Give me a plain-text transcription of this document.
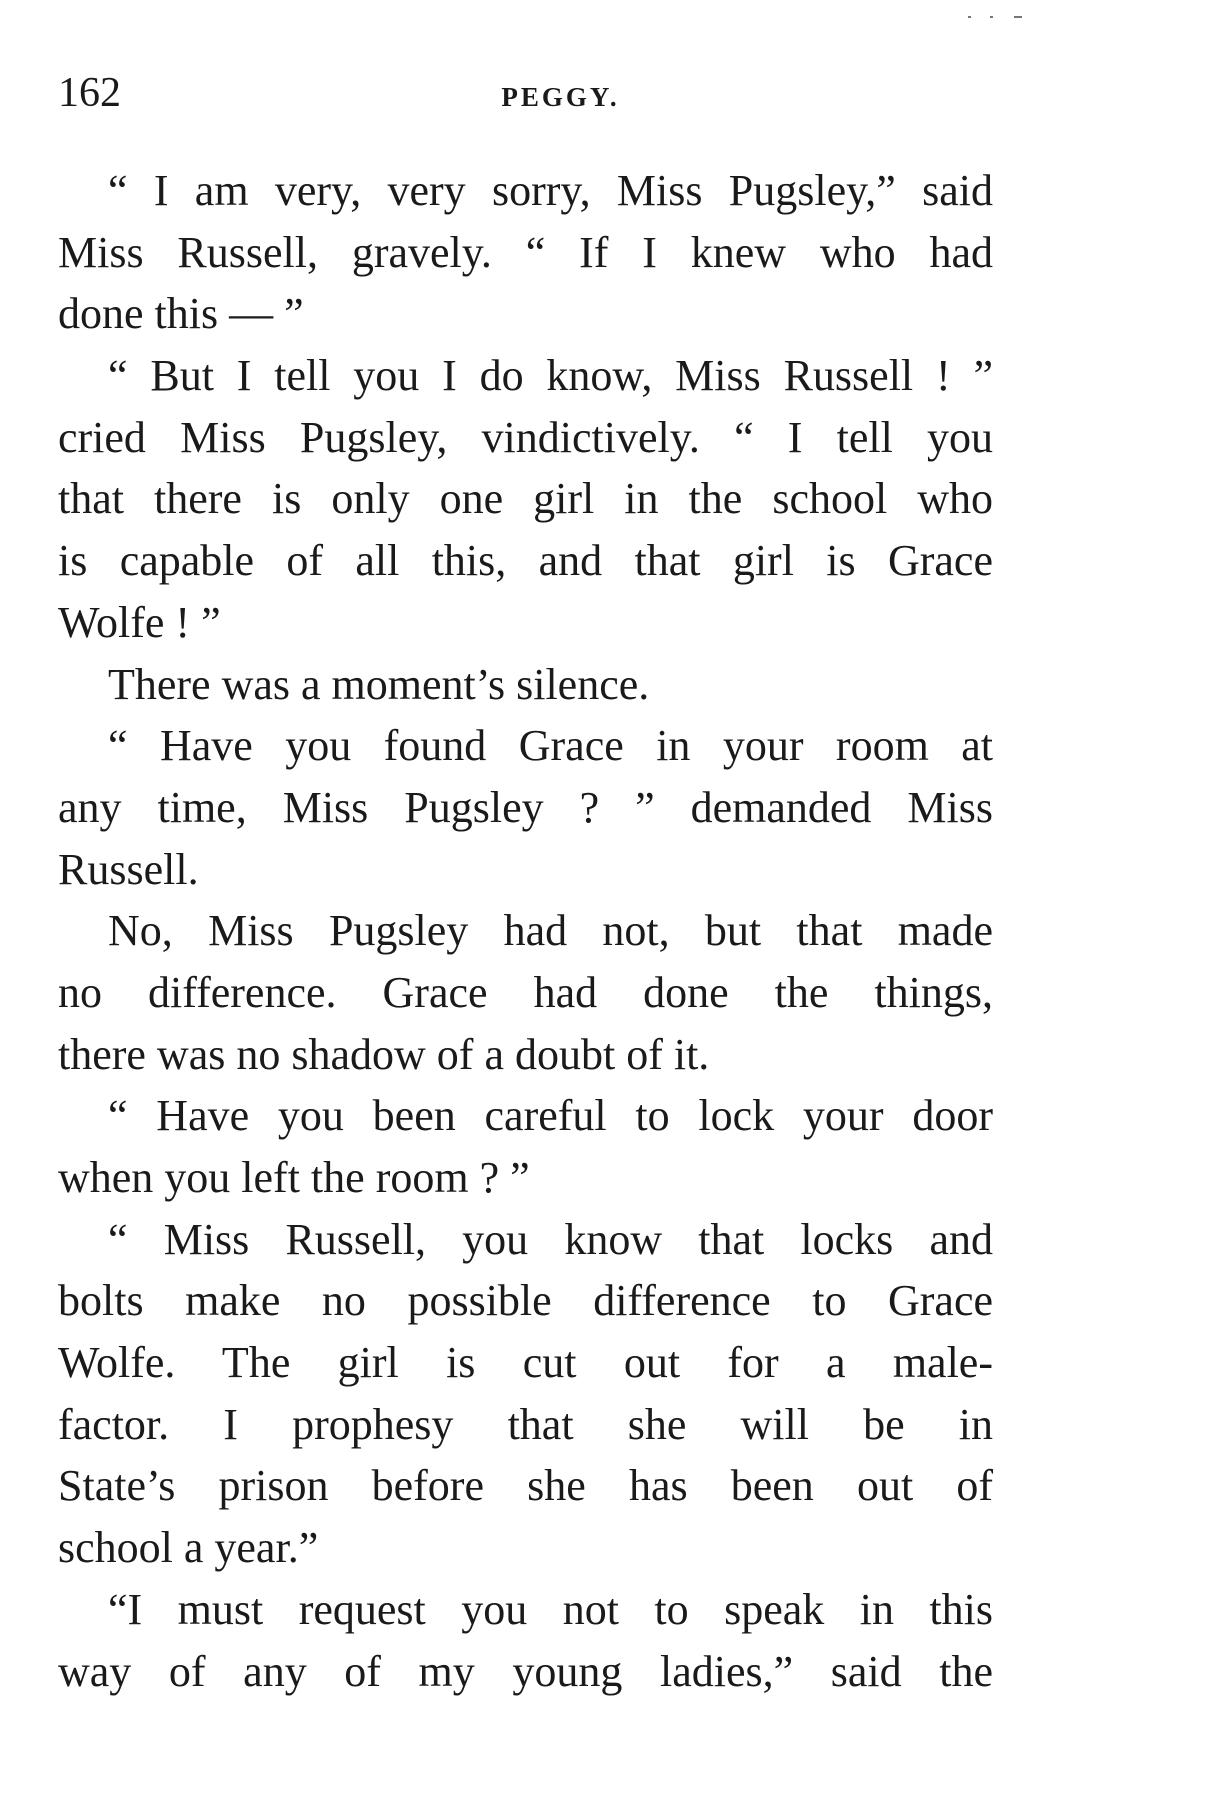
162	PEGGY.
“ I am very, very sorry, Miss Pugsley,” said
Miss Russell, gravely. “ If I knew who had
done this — ”
“ But I tell you I do know, Miss Russell ! ”
cried Miss Pugsley, vindictively. “ I tell you
that there is only one girl in the school who
is capable of all this, and that girl is Grace
Wolfe ! ”
There was a moment’s silence.
“ Have you found Grace in your room at
any time, Miss Pugsley ? ” demanded Miss
Russell.
No, Miss Pugsley had not, but that made
no difference. Grace had done the things,
there was no shadow of a doubt of it.
“ Have you been careful to lock your door
when you left the room ? ”
“ Miss Russell, you know that locks and
bolts make no possible difference to Grace
Wolfe. The girl is cut out for a male-
factor. I prophesy that she will be in
State’s prison before she has been out of
school a year.”
“I must request you not to speak in this
way of any of my young ladies,” said the
